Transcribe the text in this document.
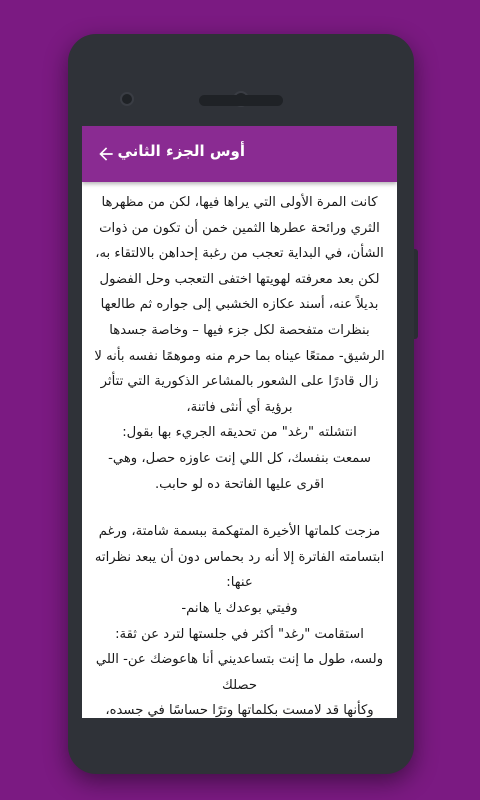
أوس الجزء الثاني

كانت المرة الأولى التي يراها فيها، لكن من مظهرها الثري ورائحة عطرها الثمين خمن أن تكون من ذوات الشأن، في البداية تعجب من رغبة إحداهن بالالتقاء به، لكن بعد معرفته لهويتها اختفى التعجب وحل الفضول بديلاً عنه، أسند عكازه الخشبي إلى جواره ثم طالعها بنظرات متفحصة لكل جزء فيها – وخاصة جسدها الرشيق- ممتعًا عيناه بما حرم منه وموهمًا نفسه بأنه لا زال قادرًا على الشعور بالمشاعر الذكورية التي تتأثر برؤية أي أنثى فاتنة،

انتشلته "رغد" من تحديقه الجريء بها بقول:

سمعت بنفسك، كل اللي إنت عاوزه حصل، وهي-

اقرى عليها الفاتحة ده لو حابب.

مزجت كلماتها الأخيرة المتهكمة ببسمة شامتة، ورغم ابتسامته الفاترة إلا أنه رد بحماس دون أن يبعد نظراته عنها:

وفيتي بوعدك يا هانم-

استقامت "رغد" أكثر في جلستها لترد عن ثقة:

ولسه، طول ما إنت بتساعديني أنا هاعوضك عن- اللي حصلك

وكأنها قد لامست بكلماتها وترًا حساسًا في جسده،
